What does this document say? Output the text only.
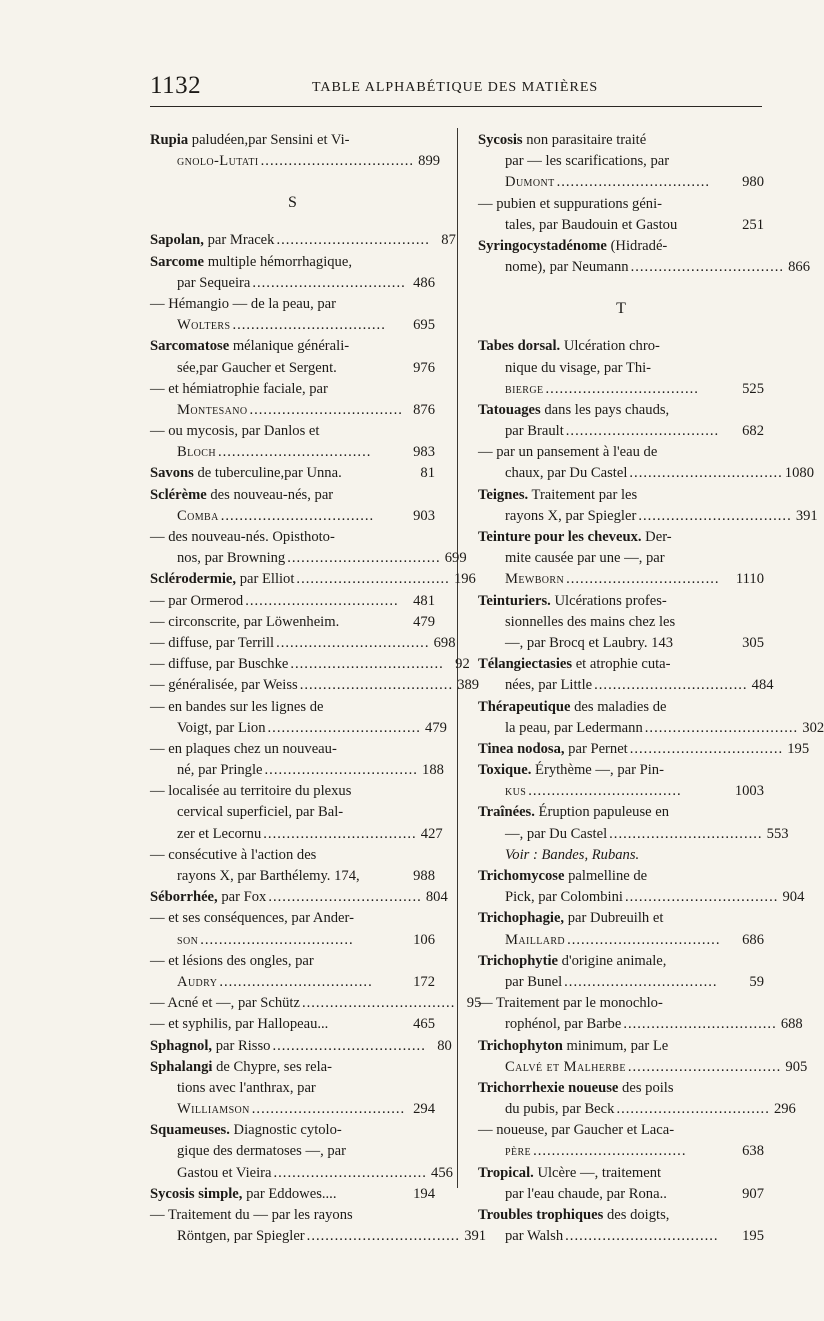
1132	TABLE ALPHABÉTIQUE DES MATIÈRES
Rupia paludéen,par Sensini et Vi-
gnolo-Lutati ................................. 899
S
Sapolan, par Mracek ................................. 87
Sarcome multiple hémorrhagique,
par Sequeira ................................. 486
— Hémangio — de la peau, par
Wolters .................................	695
Sarcomatose mélanique générali-
sée,par Gaucher et Sergent.	976
— et hémiatrophie faciale, par
Montesano ................................. 876
— ou mycosis, par Danlos et
Bloch .................................	983
Savons de tuberculine,par Unna.	81
Sclérème des nouveau-nés, par
Comba .................................	903
— des nouveau-nés. Opisthoto-
nos, par Browning ................................. 699
Sclérodermie, par Elliot ................................. 196
— par Ormerod ................................. 481
— circonscrite, par Löwenheim.	479
— diffuse, par Terrill ................................. 698
— diffuse, par Buschke ................................. 92
— généralisée, par Weiss ................................. 389
— en bandes sur les lignes de
Voigt, par Lion ................................. 479
— en plaques chez un nouveau-
né, par Pringle ................................. 188
— localisée au territoire du plexus
cervical superficiel, par Bal-
zer et Lecornu ................................. 427
— consécutive à l'action des
rayons X, par Barthélemy. 174,	988
Séborrhée, par Fox ................................. 804
— et ses conséquences, par Ander-
son .................................	106
— et lésions des ongles, par
Audry .................................	172
— Acné et —, par Schütz ................................. 95
— et syphilis, par Hallopeau...	465
Sphagnol, par Risso ................................. 80
Sphalangi de Chypre, ses rela-
tions avec l'anthrax, par
Williamson ................................. 294
Squameuses. Diagnostic cytolo-
gique des dermatoses —, par
Gastou et Vieira ................................. 456
Sycosis simple, par Eddowes....	194
— Traitement du — par les rayons
Röntgen, par Spiegler ................................. 391
Sycosis non parasitaire traité
par — les scarifications, par
Dumont .................................	980
— pubien et suppurations géni-
tales, par Baudouin et Gastou	251
Syringocystadénome (Hidradé-
nome), par Neumann ................................. 866
T
Tabes dorsal. Ulcération chro-
nique du visage, par Thi-
bierge .................................	525
Tatouages dans les pays chauds,
par Brault .................................	682
— par un pansement à l'eau de
chaux, par Du Castel ................................. 1080
Teignes. Traitement par les
rayons X, par Spiegler ................................. 391
Teinture pour les cheveux. Der-
mite causée par une —, par
Mewborn .................................	1110
Teinturiers. Ulcérations profes-
sionnelles des mains chez les
—, par Brocq et Laubry. 143	305
Télangiectasies et atrophie cuta-
nées, par Little ................................. 484
Thérapeutique des maladies de
la peau, par Ledermann ................................. 302
Tinea nodosa, par Pernet ................................. 195
Toxique. Érythème —, par Pin-
kus .................................	1003
Traînées. Éruption papuleuse en
—, par Du Castel ................................. 553
Voir : Bandes, Rubans.
Trichomycose palmelline de
Pick, par Colombini ................................. 904
Trichophagie, par Dubreuilh et
Maillard .................................	686
Trichophytie d'origine animale,
par Bunel .................................	59
— Traitement par le monochlo-
rophénol, par Barbe ................................. 688
Trichophyton minimum, par Le
Calvé et Malherbe ................................. 905
Trichorrhexie noueuse des poils
du pubis, par Beck ................................. 296
— noueuse, par Gaucher et Laca-
père .................................	638
Tropical. Ulcère —, traitement
par l'eau chaude, par Rona..	907
Troubles trophiques des doigts,
par Walsh .................................	195
